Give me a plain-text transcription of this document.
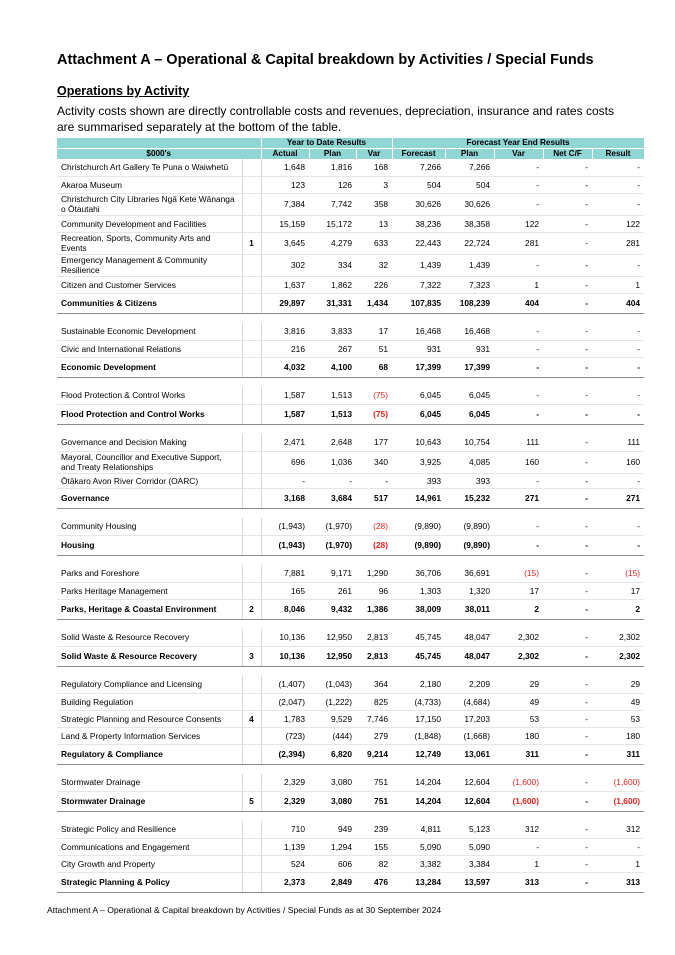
Attachment A – Operational & Capital breakdown by Activities / Special Funds
Operations by Activity
Activity costs shown are directly controllable costs and revenues, depreciation, insurance and rates costs are summarised separately at the bottom of the table.
		Year to Date Results			Forecast Year End Results				
$000's		Actual	Plan	Var	Forecast	Plan	Var	Net C/F	Result
Christchurch Art Gallery Te Puna o Waiwhetū		1,648	1,816	168	7,266	7,266	-	-	-
Akaroa Museum		123	126	3	504	504	-	-	-
Christchurch City Libraries Ngā Kete Wānanga o Ōtautahi		7,384	7,742	358	30,626	30,626	-	-	-
Community Development and Facilities		15,159	15,172	13	38,236	38,358	122	-	122
Recreation, Sports, Community Arts and Events	1	3,645	4,279	633	22,443	22,724	281	-	281
Emergency Management & Community Resilience		302	334	32	1,439	1,439	-	-	-
Citizen and Customer Services		1,637	1,862	226	7,322	7,323	1	-	1
Communities & Citizens		29,897	31,331	1,434	107,835	108,239	404	-	404

Sustainable Economic Development		3,816	3,833	17	16,468	16,468	-	-	-
Civic and International Relations		216	267	51	931	931	-	-	-
Economic Development		4,032	4,100	68	17,399	17,399	-	-	-

Flood Protection & Control Works		1,587	1,513	(75)	6,045	6,045	-	-	-
Flood Protection and Control Works		1,587	1,513	(75)	6,045	6,045	-	-	-

Governance and Decision Making		2,471	2,648	177	10,643	10,754	111	-	111
Mayoral, Councillor and Executive Support, and Treaty Relationships		696	1,036	340	3,925	4,085	160	-	160
Ōtākaro Avon River Corridor (OARC)		-	-	-	393	393	-	-	-
Governance		3,168	3,684	517	14,961	15,232	271	-	271

Community Housing		(1,943)	(1,970)	(28)	(9,890)	(9,890)	-	-	-
Housing		(1,943)	(1,970)	(28)	(9,890)	(9,890)	-	-	-

Parks and Foreshore		7,881	9,171	1,290	36,706	36,691	(15)	-	(15)
Parks Heritage Management		165	261	96	1,303	1,320	17	-	17
Parks, Heritage & Coastal Environment	2	8,046	9,432	1,386	38,009	38,011	2	-	2

Solid Waste & Resource Recovery		10,136	12,950	2,813	45,745	48,047	2,302	-	2,302
Solid Waste & Resource Recovery	3	10,136	12,950	2,813	45,745	48,047	2,302	-	2,302

Regulatory Compliance and Licensing		(1,407)	(1,043)	364	2,180	2,209	29	-	29
Building Regulation		(2,047)	(1,222)	825	(4,733)	(4,684)	49	-	49
Strategic Planning and Resource Consents	4	1,783	9,529	7,746	17,150	17,203	53	-	53
Land & Property Information Services		(723)	(444)	279	(1,848)	(1,668)	180	-	180
Regulatory & Compliance		(2,394)	6,820	9,214	12,749	13,061	311	-	311

Stormwater Drainage		2,329	3,080	751	14,204	12,604	(1,600)	-	(1,600)
Stormwater Drainage	5	2,329	3,080	751	14,204	12,604	(1,600)	-	(1,600)

Strategic Policy and Resilience		710	949	239	4,811	5,123	312	-	312
Communications and Engagement		1,139	1,294	155	5,090	5,090	-	-	-
City Growth and Property		524	606	82	3,382	3,384	1	-	1
Strategic Planning & Policy		2,373	2,849	476	13,284	13,597	313	-	313
Attachment A – Operational & Capital breakdown by Activities / Special Funds as at 30 September 2024
